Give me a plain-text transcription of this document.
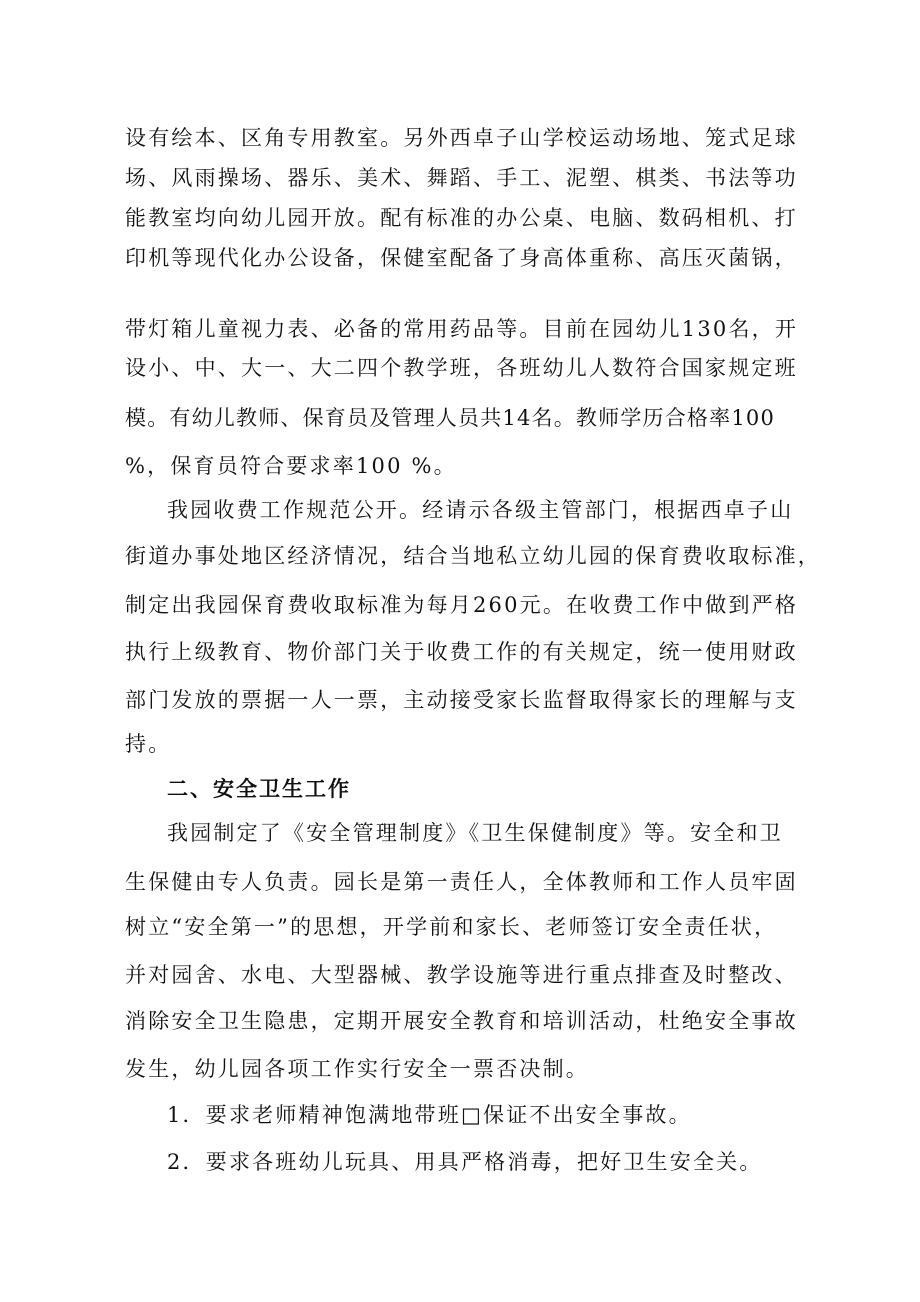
设有绘本、区角专用教室。另外西卓子山学校运动场地、笼式足球
场、风雨操场、器乐、美术、舞蹈、手工、泥塑、棋类、书法等功
能教室均向幼儿园开放。配有标准的办公桌、电脑、数码相机、打
印机等现代化办公设备，保健室配备了身高体重称、高压灭菌锅，
带灯箱儿童视力表、必备的常用药品等。目前在园幼儿130名，开
设小、中、大一、大二四个教学班，各班幼儿人数符合国家规定班
模。有幼儿教师、保育员及管理人员共14名。教师学历合格率100
%，保育员符合要求率100 %。
我园收费工作规范公开。经请示各级主管部门，根据西卓子山
街道办事处地区经济情况，结合当地私立幼儿园的保育费收取标准，
制定出我园保育费收取标准为每月260元。在收费工作中做到严格
执行上级教育、物价部门关于收费工作的有关规定，统一使用财政
部门发放的票据一人一票，主动接受家长监督取得家长的理解与支
持。
二、安全卫生工作
我园制定了《安全管理制度》《卫生保健制度》等。安全和卫
生保健由专人负责。园长是第一责任人，全体教师和工作人员牢固
树立“安全第一”的思想，开学前和家长、老师签订安全责任状，
并对园舍、水电、大型器械、教学设施等进行重点排查及时整改、
消除安全卫生隐患，定期开展安全教育和培训活动，杜绝安全事故
发生，幼儿园各项工作实行安全一票否决制。
1．要求老师精神饱满地带班□保证不出安全事故。
2．要求各班幼儿玩具、用具严格消毒，把好卫生安全关。
